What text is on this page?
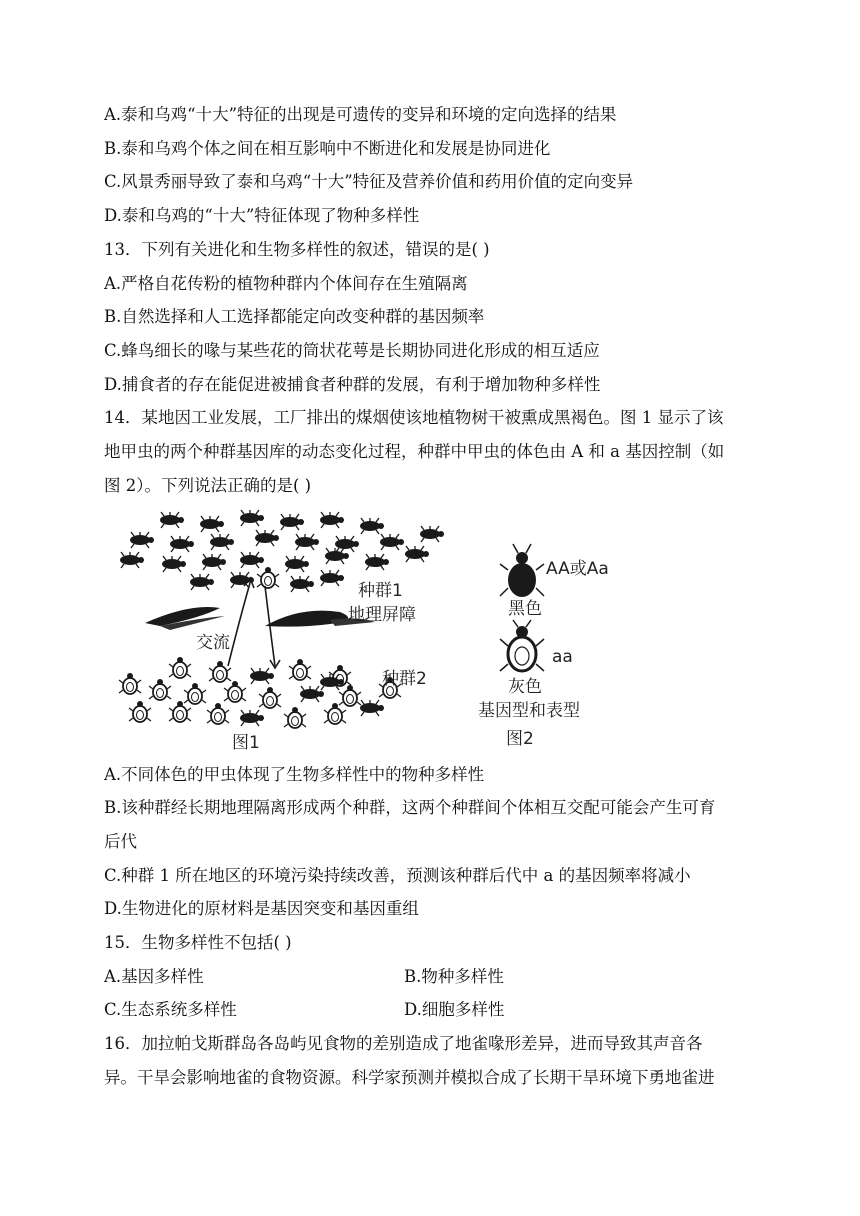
A.泰和乌鸡“十大”特征的出现是可遗传的变异和环境的定向选择的结果
B.泰和乌鸡个体之间在相互影响中不断进化和发展是协同进化
C.风景秀丽导致了泰和乌鸡“十大”特征及营养价值和药用价值的定向变异
D.泰和乌鸡的“十大”特征体现了物种多样性
13．下列有关进化和生物多样性的叙述，错误的是( )
A.严格自花传粉的植物种群内个体间存在生殖隔离
B.自然选择和人工选择都能定向改变种群的基因频率
C.蜂鸟细长的喙与某些花的筒状花萼是长期协同进化形成的相互适应
D.捕食者的存在能促进被捕食者种群的发展，有利于增加物种多样性
14．某地因工业发展，工厂排出的煤烟使该地植物树干被熏成黑褐色。图 1 显示了该
地甲虫的两个种群基因库的动态变化过程，种群中甲虫的体色由 A 和 a 基因控制（如
图 2）。下列说法正确的是( )
种群1
地理屏障
交流
种群2
图1
AA或Aa
黑色
aa
灰色
基因型和表型
图2
A.不同体色的甲虫体现了生物多样性中的物种多样性
B.该种群经长期地理隔离形成两个种群，这两个种群间个体相互交配可能会产生可育
后代
C.种群 1 所在地区的环境污染持续改善，预测该种群后代中 a 的基因频率将减小
D.生物进化的原材料是基因突变和基因重组
15．生物多样性不包括( )
A.基因多样性	B.物种多样性
C.生态系统多样性	D.细胞多样性
16．加拉帕戈斯群岛各岛屿见食物的差别造成了地雀喙形差异，进而导致其声音各
异。干旱会影响地雀的食物资源。科学家预测并模拟合成了长期干旱环境下勇地雀进
